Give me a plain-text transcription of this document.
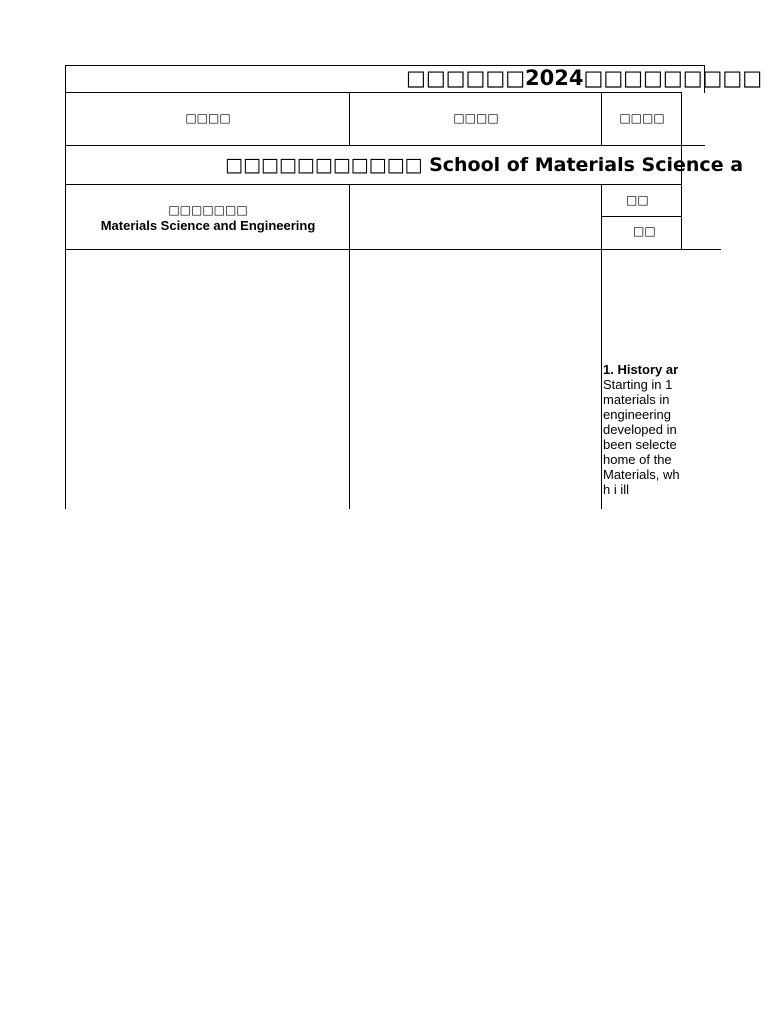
□□□□□□2024□□□□□□□□□
□□□□	□□□□	□□□□
□□□□□□□□□□□ School of Materials Science a
□□□□□□□
Materials Science and Engineering
□□
□□
1. History ar
Starting in 1
materials in
engineering
developed in
been selecte
home of the
Materials, wh
h i ill
